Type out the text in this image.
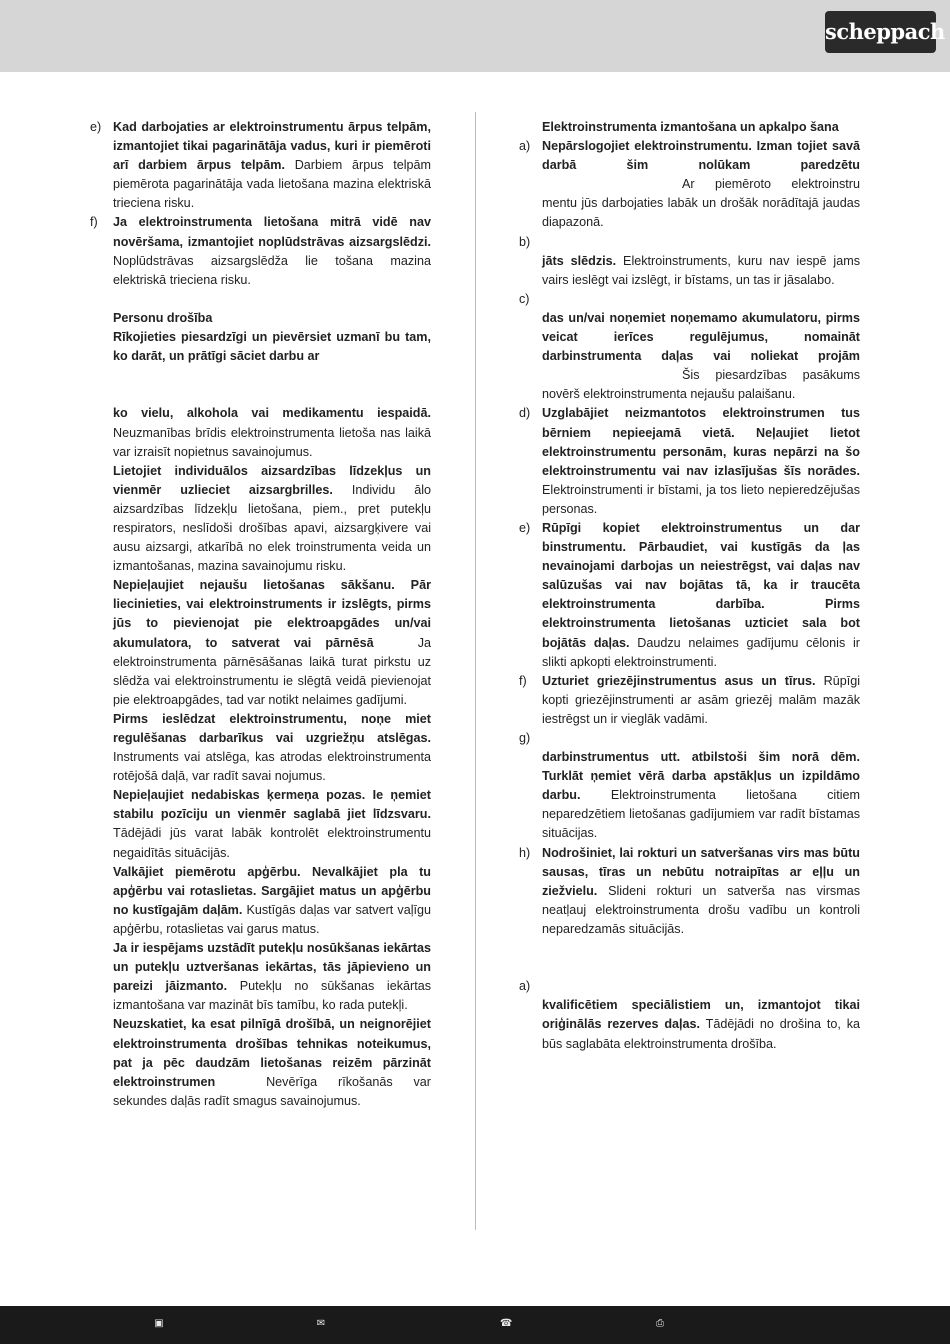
scheppach
e) Kad darbojaties ar elektroinstrumentu ārpus telpām, izmantojiet tikai pagarinātāja vadus, kuri ir piemēroti arī darbiem ārpus telpām. Darbiem ārpus telpām piemērota pagarinātāja vada lietošana mazina elektriskā trieciena risku.
f) Ja elektroinstrumenta lietošana mitrā vidē nav novēršama, izmantojiet noplūdstrāvas aizsargslēdzi. Noplūdstrāvas aizsargslēdža lie tošana mazina elektriskā trieciena risku.
Personu drošība
Rīkojieties piesardzīgi un pievērsiet uzmanī bu tam, ko darāt, un prātīgi sāciet darbu ar
ko vielu, alkohola vai medikamentu iespaidā. Neuzmanības brīdis elektroinstrumenta lietoša nas laikā var izraisīt nopietnus savainojumus.
Lietojiet individuālos aizsardzības līdzekļus un vienmēr uzlieciet aizsargbrilles. Individu ālo aizsardzības līdzekļu lietošana, piem., pret putekļu respirators, neslīdoši drošības apavi, aizsargķivere vai ausu aizsargi, atkarībā no elek troinstrumenta veida un izmantošanas, mazina savainojumu risku.
Nepieļaujiet nejaušu lietošanas sākšanu. Pār liecinieties, vai elektroinstruments ir izslēgts, pirms jūs to pievienojat pie elektroapgādes un/vai akumulatora, to satverat vai pārnēsā	Ja elektroinstrumenta pārnēsāšanas laikā turat pirkstu uz slēdža vai elektroinstrumentu ie slēgtā veidā pievienojat pie elektroapgādes, tad var notikt nelaimes gadījumi.
Pirms ieslēdzat elektroinstrumentu, noņe miet regulēšanas darbarīkus vai uzgriežņu atslēgas. Instruments vai atslēga, kas atrodas elektroinstrumenta rotējošā daļā, var radīt savai nojumus.
Nepieļaujiet nedabiskas ķermeņa pozas. Ie ņemiet stabilu pozīciju un vienmēr saglabā jiet līdzsvaru. Tādējādi jūs varat labāk kontrolēt elektroinstrumentu negaidītās situācijās.
Valkājiet piemērotu apģērbu. Nevalkājiet pla tu apģērbu vai rotaslietas. Sargājiet matus un apģērbu no kustīgajām daļām. Kustīgās daļas var satvert vaļīgu apģērbu, rotaslietas vai garus matus.
Ja ir iespējams uzstādīt putekļu nosūkšanas iekārtas un putekļu uztveršanas iekārtas, tās jāpievieno un pareizi jāizmanto. Putekļu no sūkšanas iekārtas izmantošana var mazināt bīs tamību, ko rada putekļi.
Neuzskatiet, ka esat pilnīgā drošībā, un neignorējiet elektroinstrumenta drošības tehnikas noteikumus, pat ja pēc daudzām lietošanas reizēm pārzināt elektroinstrumen	Nevērīga rīkošanās var sekundes daļās radīt smagus savainojumus.
Elektroinstrumenta izmantošana un apkalpo šana
a) Nepārslogojiet elektroinstrumentu. Izman tojiet savā darbā šim nolūkam paredzētu Ar piemēroto elektroinstru mentu jūs darbojaties labāk un drošāk norādītajā jaudas diapazonā.
b)
jāts slēdzis. Elektroinstruments, kuru nav iespē jams vairs ieslēgt vai izslēgt, ir bīstams, un tas ir jāsalabo.
c)
das un/vai noņemiet noņemamo akumulatoru, pirms veicat ierīces regulējumus, nomaināt darbinstrumenta daļas vai noliekat projām Šis piesardzības pasākums novērš elektroinstrumenta nejaušu palaišanu.
d) Uzglabājiet neizmantotos elektroinstrumen tus bērniem nepieejamā vietā. Neļaujiet lietot elektroinstrumentu personām, kuras nepārzi na šo elektroinstrumentu vai nav izlasījušas šīs norādes. Elektroinstrumenti ir bīstami, ja tos lieto nepieredzējušas personas.
e) Rūpīgi kopiet elektroinstrumentus un dar binstrumentu. Pārbaudiet, vai kustīgās da ļas nevainojami darbojas un neiestrēgst, vai daļas nav salūzušas vai nav bojātas tā, ka ir traucēta elektroinstrumenta darbība. Pirms elektroinstrumenta lietošanas uzticiet sala bot bojātās daļas. Daudzu nelaimes gadījumu cēlonis ir slikti apkopti elektroinstrumenti.
f) Uzturiet griezējinstrumentus asus un tīrus. Rūpīgi kopti griezējinstrumenti ar asām griezēj malām mazāk iestrēgst un ir vieglāk vadāmi.
g)
darbinstrumentus utt. atbilstoši šim norā dēm. Turklāt ņemiet vērā darba apstākļus un izpildāmo darbu. Elektroinstrumenta lietošana citiem neparedzētiem lietošanas gadījumiem var radīt bīstamas situācijas.
h) Nodrošiniet, lai rokturi un satveršanas virs mas būtu sausas, tīras un nebūtu notraipītas ar eļļu un ziežvielu. Slideni rokturi un satverša nas virsmas neatļauj elektroinstrumenta drošu vadību un kontroli neparedzamās situācijās.
a)
kvalificētiem speciālistiem un, izmantojot tikai oriģinālās rezerves daļas. Tādējādi no drošina to, ka būs saglabāta elektroinstrumenta drošība.
▣	✉	☎	⎙
